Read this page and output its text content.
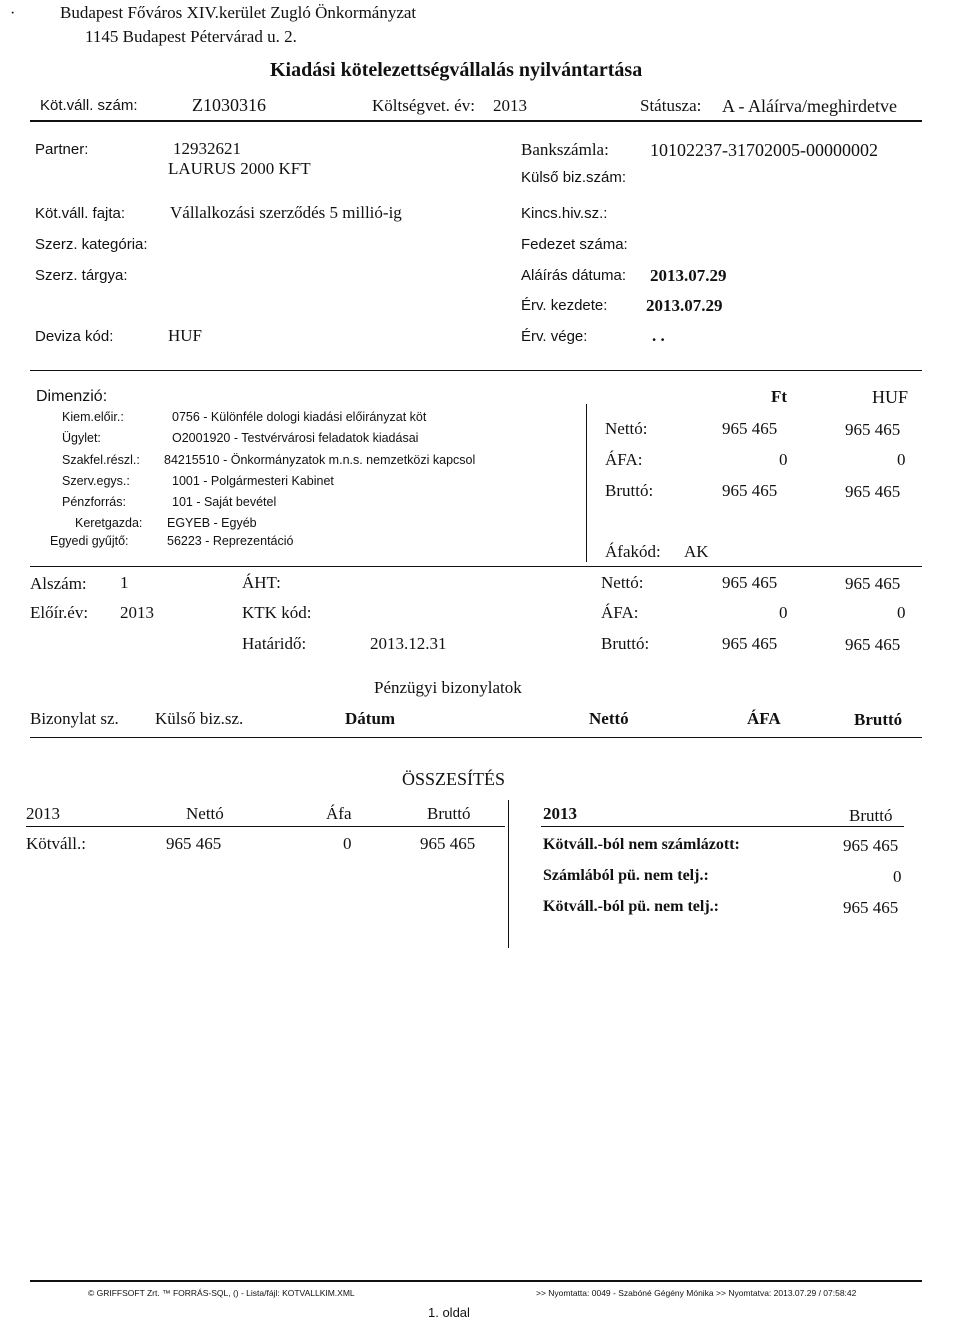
·	Budapest Főváros XIV.kerület Zugló Önkormányzat
1145 Budapest Pétervárad u. 2.
Kiadási kötelezettségvállalás nyilvántartása
Köt.váll. szám:	Z1030316	Költségvet. év: 2013	Státusza: A - Aláírva/meghirdetve
Partner:	12932621
LAURUS 2000 KFT
Bankszámla: 10102237-31702005-00000002
Külső biz.szám:
Köt.váll. fajta:	Vállalkozási szerződés 5 millió-ig	Kincs.hiv.sz.:
Szerz. kategória:	Fedezet száma:
Szerz. tárgya:	Aláírás dátuma: 2013.07.29
Érv. kezdete: 2013.07.29
Deviza kód:	HUF	Érv. vége:	. .
Dimenzió:	Ft	HUF
Kiem.előir.:	0756 - Különféle dologi kiadási előirányzat köt
Ügylet:	O2001920 - Testvérvárosi feladatok kiadásai
Szakfel.részl.: 84215510 - Önkormányzatok m.n.s. nemzetközi kapcsol
Szerv.egys.:	1001 - Polgármesteri Kabinet
Pénzforrás:	101 - Saját bevétel
Keretgazda: EGYEB - Egyéb
Egyedi gyűjtő:	56223 - Reprezentáció
Nettó:	965 465	965 465
ÁFA:	0	0
Bruttó:	965 465	965 465
Áfakód: AK
Alszám: 1	ÁHT:	Nettó:	965 465	965 465
Előír.év: 2013	KTK kód:	ÁFA:	0	0
Határidő:	2013.12.31	Bruttó:	965 465	965 465
Pénzügyi bizonylatok
Bizonylat sz. Külső biz.sz.	Dátum	Nettó	ÁFA	Bruttó
ÖSSZESÍTÉS
2013	Nettó	Áfa	Bruttó
Kötváll.:	965 465	0	965 465
2013	Bruttó
Kötváll.-ból nem számlázott:	965 465
Számlából pü. nem telj.:	0
Kötváll.-ból pü. nem telj.:	965 465
© GRIFFSOFT Zrt. ™ FORRÁS-SQL, () - Lista/fájl: KOTVALLKIM.XML	>> Nyomtatta: 0049 - Szabóné Gégény Mónika >> Nyomtatva: 2013.07.29 / 07:58:42
1. oldal
